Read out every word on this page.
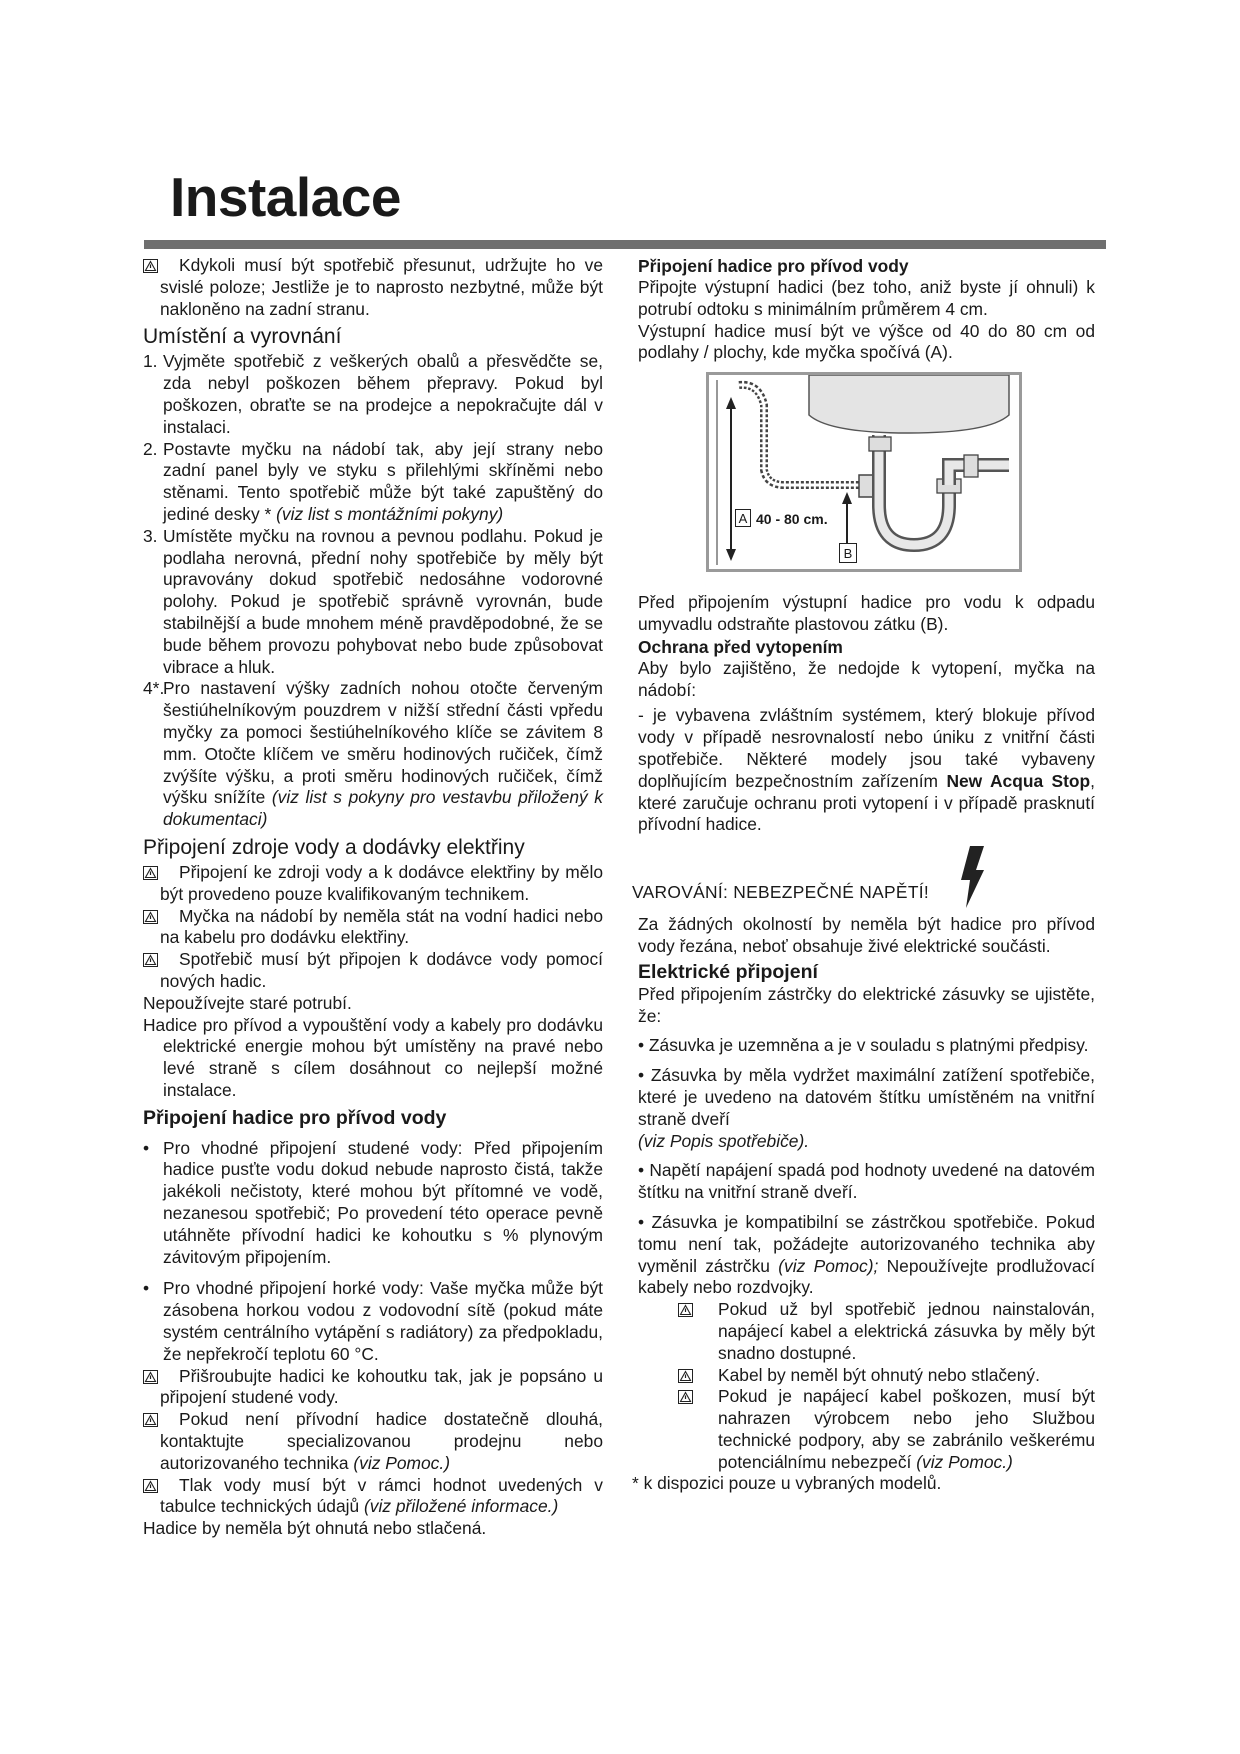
Instalace

Kdykoli musí být spotřebič přesunut, udržujte ho ve svislé poloze; Jestliže je to naprosto nezbytné, může být nakloněno na zadní stranu.

Umístění a vyrovnání

1. Vyjměte spotřebič z veškerých obalů a přesvědčte se, zda nebyl poškozen během přepravy. Pokud byl poškozen, obraťte se na prodejce a nepokračujte dál v instalaci.

2. Postavte myčku na nádobí tak, aby její strany nebo zadní panel byly ve styku s přilehlými skříněmi nebo stěnami. Tento spotřebič může být také zapuštěný do jediné desky * (viz list s montážními pokyny)

3. Umístěte myčku na rovnou a pevnou podlahu. Pokud je podlaha nerovná, přední nohy spotřebiče by měly být upravovány dokud spotřebič nedosáhne vodorovné polohy. Pokud je spotřebič správně vyrovnán, bude stabilnější a bude mnohem méně pravděpodobné, že se bude během provozu pohybovat nebo bude způsobovat vibrace a hluk.

4*.
Pro nastavení výšky zadních nohou otočte červeným šestiúhelníkovým pouzdrem v nižší střední části vpředu myčky za pomoci šestiúhelníkového klíče se závitem 8 mm. Otočte klíčem ve směru hodinových ručiček, čímž zvýšíte výšku, a proti směru hodinových ručiček, čímž výšku snížíte (viz list s pokyny pro vestavbu přiložený k dokumentaci)

Připojení zdroje vody a dodávky elektřiny

Připojení ke zdroji vody a k dodávce elektřiny by mělo být provedeno pouze kvalifikovaným technikem.

Myčka na nádobí by neměla stát na vodní hadici nebo na kabelu pro dodávku elektřiny.

Spotřebič musí být připojen k dodávce vody pomocí nových hadic.

Nepoužívejte staré potrubí.

Hadice pro přívod a vypouštění vody a kabely pro dodávku elektrické energie mohou být umístěny na pravé nebo levé straně s cílem dosáhnout co nejlepší možné instalace.

Připojení hadice pro přívod vody

• Pro vhodné připojení studené vody: Před připojením hadice pusťte vodu dokud nebude naprosto čistá, takže jakékoli nečistoty, které mohou být přítomné ve vodě, nezanesou spotřebič; Po provedení této operace pevně utáhněte přívodní hadici ke kohoutku s % plynovým závitovým připojením.

• Pro vhodné připojení horké vody: Vaše myčka může být zásobena horkou vodou z vodovodní sítě (pokud máte systém centrálního vytápění s radiátory) za předpokladu, že nepřekročí teplotu 60 °C.

Přišroubujte hadici ke kohoutku tak, jak je popsáno u připojení studené vody.

Pokud není přívodní hadice dostatečně dlouhá, kontaktujte specializovanou prodejnu nebo autorizovaného technika (viz Pomoc.)

Tlak vody musí být v rámci hodnot uvedených v tabulce technických údajů (viz přiložené informace.)

Hadice by neměla být ohnutá nebo stlačená.

Připojení hadice pro přívod vody

Připojte výstupní hadici (bez toho, aniž byste jí ohnuli) k potrubí odtoku s minimálním průměrem 4 cm.

Výstupní hadice musí být ve výšce od 40 do 80 cm od podlahy / plochy, kde myčka spočívá (A).

A 40 - 80 cm.
B

Před připojením výstupní hadice pro vodu k odpadu umyvadlu odstraňte plastovou zátku (B).

Ochrana před vytopením

Aby bylo zajištěno, že nedojde k vytopení, myčka na nádobí:

- je vybavena zvláštním systémem, který blokuje přívod vody v případě nesrovnalostí nebo úniku z vnitřní části spotřebiče. Některé modely jsou také vybaveny doplňujícím bezpečnostním zařízením New Acqua Stop, které zaručuje ochranu proti vytopení i v případě prasknutí přívodní hadice.

VAROVÁNÍ: NEBEZPEČNÉ NAPĚTÍ!

Za žádných okolností by neměla být hadice pro přívod vody řezána, neboť obsahuje živé elektrické součásti.

Elektrické připojení

Před připojením zástrčky do elektrické zásuvky se ujistěte, že:

• Zásuvka je uzemněna a je v souladu s platnými předpisy.

• Zásuvka by měla vydržet maximální zatížení spotřebiče, které je uvedeno na datovém štítku umístěném na vnitřní straně dveří

(viz Popis spotřebiče).

• Napětí napájení spadá pod hodnoty uvedené na datovém štítku na vnitřní straně dveří.

• Zásuvka je kompatibilní se zástrčkou spotřebiče. Pokud tomu není tak, požádejte autorizovaného technika aby vyměnil zástrčku (viz Pomoc); Nepoužívejte prodlužovací kabely nebo rozdvojky.

Pokud už byl spotřebič jednou nainstalován, napájecí kabel a elektrická zásuvka by měly být snadno dostupné.

Kabel by neměl být ohnutý nebo stlačený.

Pokud je napájecí kabel poškozen, musí být nahrazen výrobcem nebo jeho Službou technické podpory, aby se zabránilo veškerému potenciálnímu nebezpečí (viz Pomoc.)

* k dispozici pouze u vybraných modelů.
